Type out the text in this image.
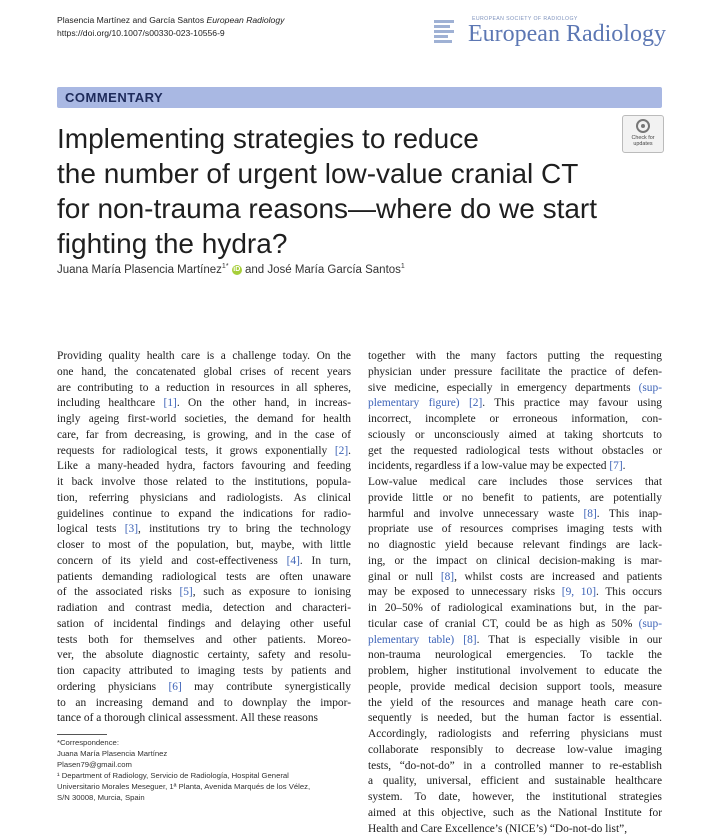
Plasencia Martínez and García Santos European Radiology
https://doi.org/10.1007/s00330-023-10556-9
EUROPEAN SOCIETY OF RADIOLOGY
European Radiology
COMMENTARY
Check for
updates
Implementing strategies to reduce
the number of urgent low-value cranial CT
for non-trauma reasons—where do we start
fighting the hydra?
Juana María Plasencia Martínez$^{1*}$ iD and José María García Santos$^1$
Providing quality health care is a challenge today. On the
one hand, the concatenated global crises of recent years
are contributing to a reduction in resources in all spheres,
including healthcare [1]. On the other hand, in increas-
ingly ageing first-world societies, the demand for health
care, far from decreasing, is growing, and in the case of
requests for radiological tests, it grows exponentially [2].
Like a many-headed hydra, factors favouring and feeding
it back involve those related to the institutions, popula-
tion, referring physicians and radiologists. As clinical
guidelines continue to expand the indications for radio-
logical tests [3], institutions try to bring the technology
closer to most of the population, but, maybe, with little
concern of its yield and cost-effectiveness [4]. In turn,
patients demanding radiological tests are often unaware
of the associated risks [5], such as exposure to ionising
radiation and contrast media, detection and characteri-
sation of incidental findings and delaying other useful
tests both for themselves and other patients. Moreo-
ver, the absolute diagnostic certainty, safety and resolu-
tion capacity attributed to imaging tests by patients and
ordering physicians [6] may contribute synergistically
to an increasing demand and to downplay the impor-
tance of a thorough clinical assessment. All these reasons
together with the many factors putting the requesting
physician under pressure facilitate the practice of defen-
sive medicine, especially in emergency departments (sup-
plementary figure) [2]. This practice may favour using
incorrect, incomplete or erroneous information, con-
sciously or unconsciously aimed at taking shortcuts to
get the requested radiological tests without obstacles or
incidents, regardless if a low-value may be expected [7].
Low-value medical care includes those services that
provide little or no benefit to patients, are potentially
harmful and involve unnecessary waste [8]. This inap-
propriate use of resources comprises imaging tests with
no diagnostic yield because relevant findings are lack-
ing, or the impact on clinical decision-making is mar-
ginal or null [8], whilst costs are increased and patients
may be exposed to unnecessary risks [9, 10]. This occurs
in 20–50% of radiological examinations but, in the par-
ticular case of cranial CT, could be as high as 50% (sup-
plementary table) [8]. That is especially visible in our
non-trauma neurological emergencies. To tackle the
problem, higher institutional involvement to educate the
people, provide medical decision support tools, measure
the yield of the resources and manage heath care con-
sequently is needed, but the human factor is essential.
Accordingly, radiologists and referring physicians must
collaborate responsibly to decrease low-value imaging
tests, “do-not-do” in a controlled manner to re-establish
a quality, universal, efficient and sustainable healthcare
system. To date, however, the institutional strategies
aimed at this objective, such as the National Institute for
Health and Care Excellence’s (NICE’s) “Do-not-do list”,
*Correspondence:
Juana María Plasencia Martínez
Plasen79@gmail.com
¹ Department of Radiology, Servicio de Radiología, Hospital General
Universitario Morales Meseguer, 1ª Planta, Avenida Marqués de los Vélez,
S/N 30008, Murcia, Spain
